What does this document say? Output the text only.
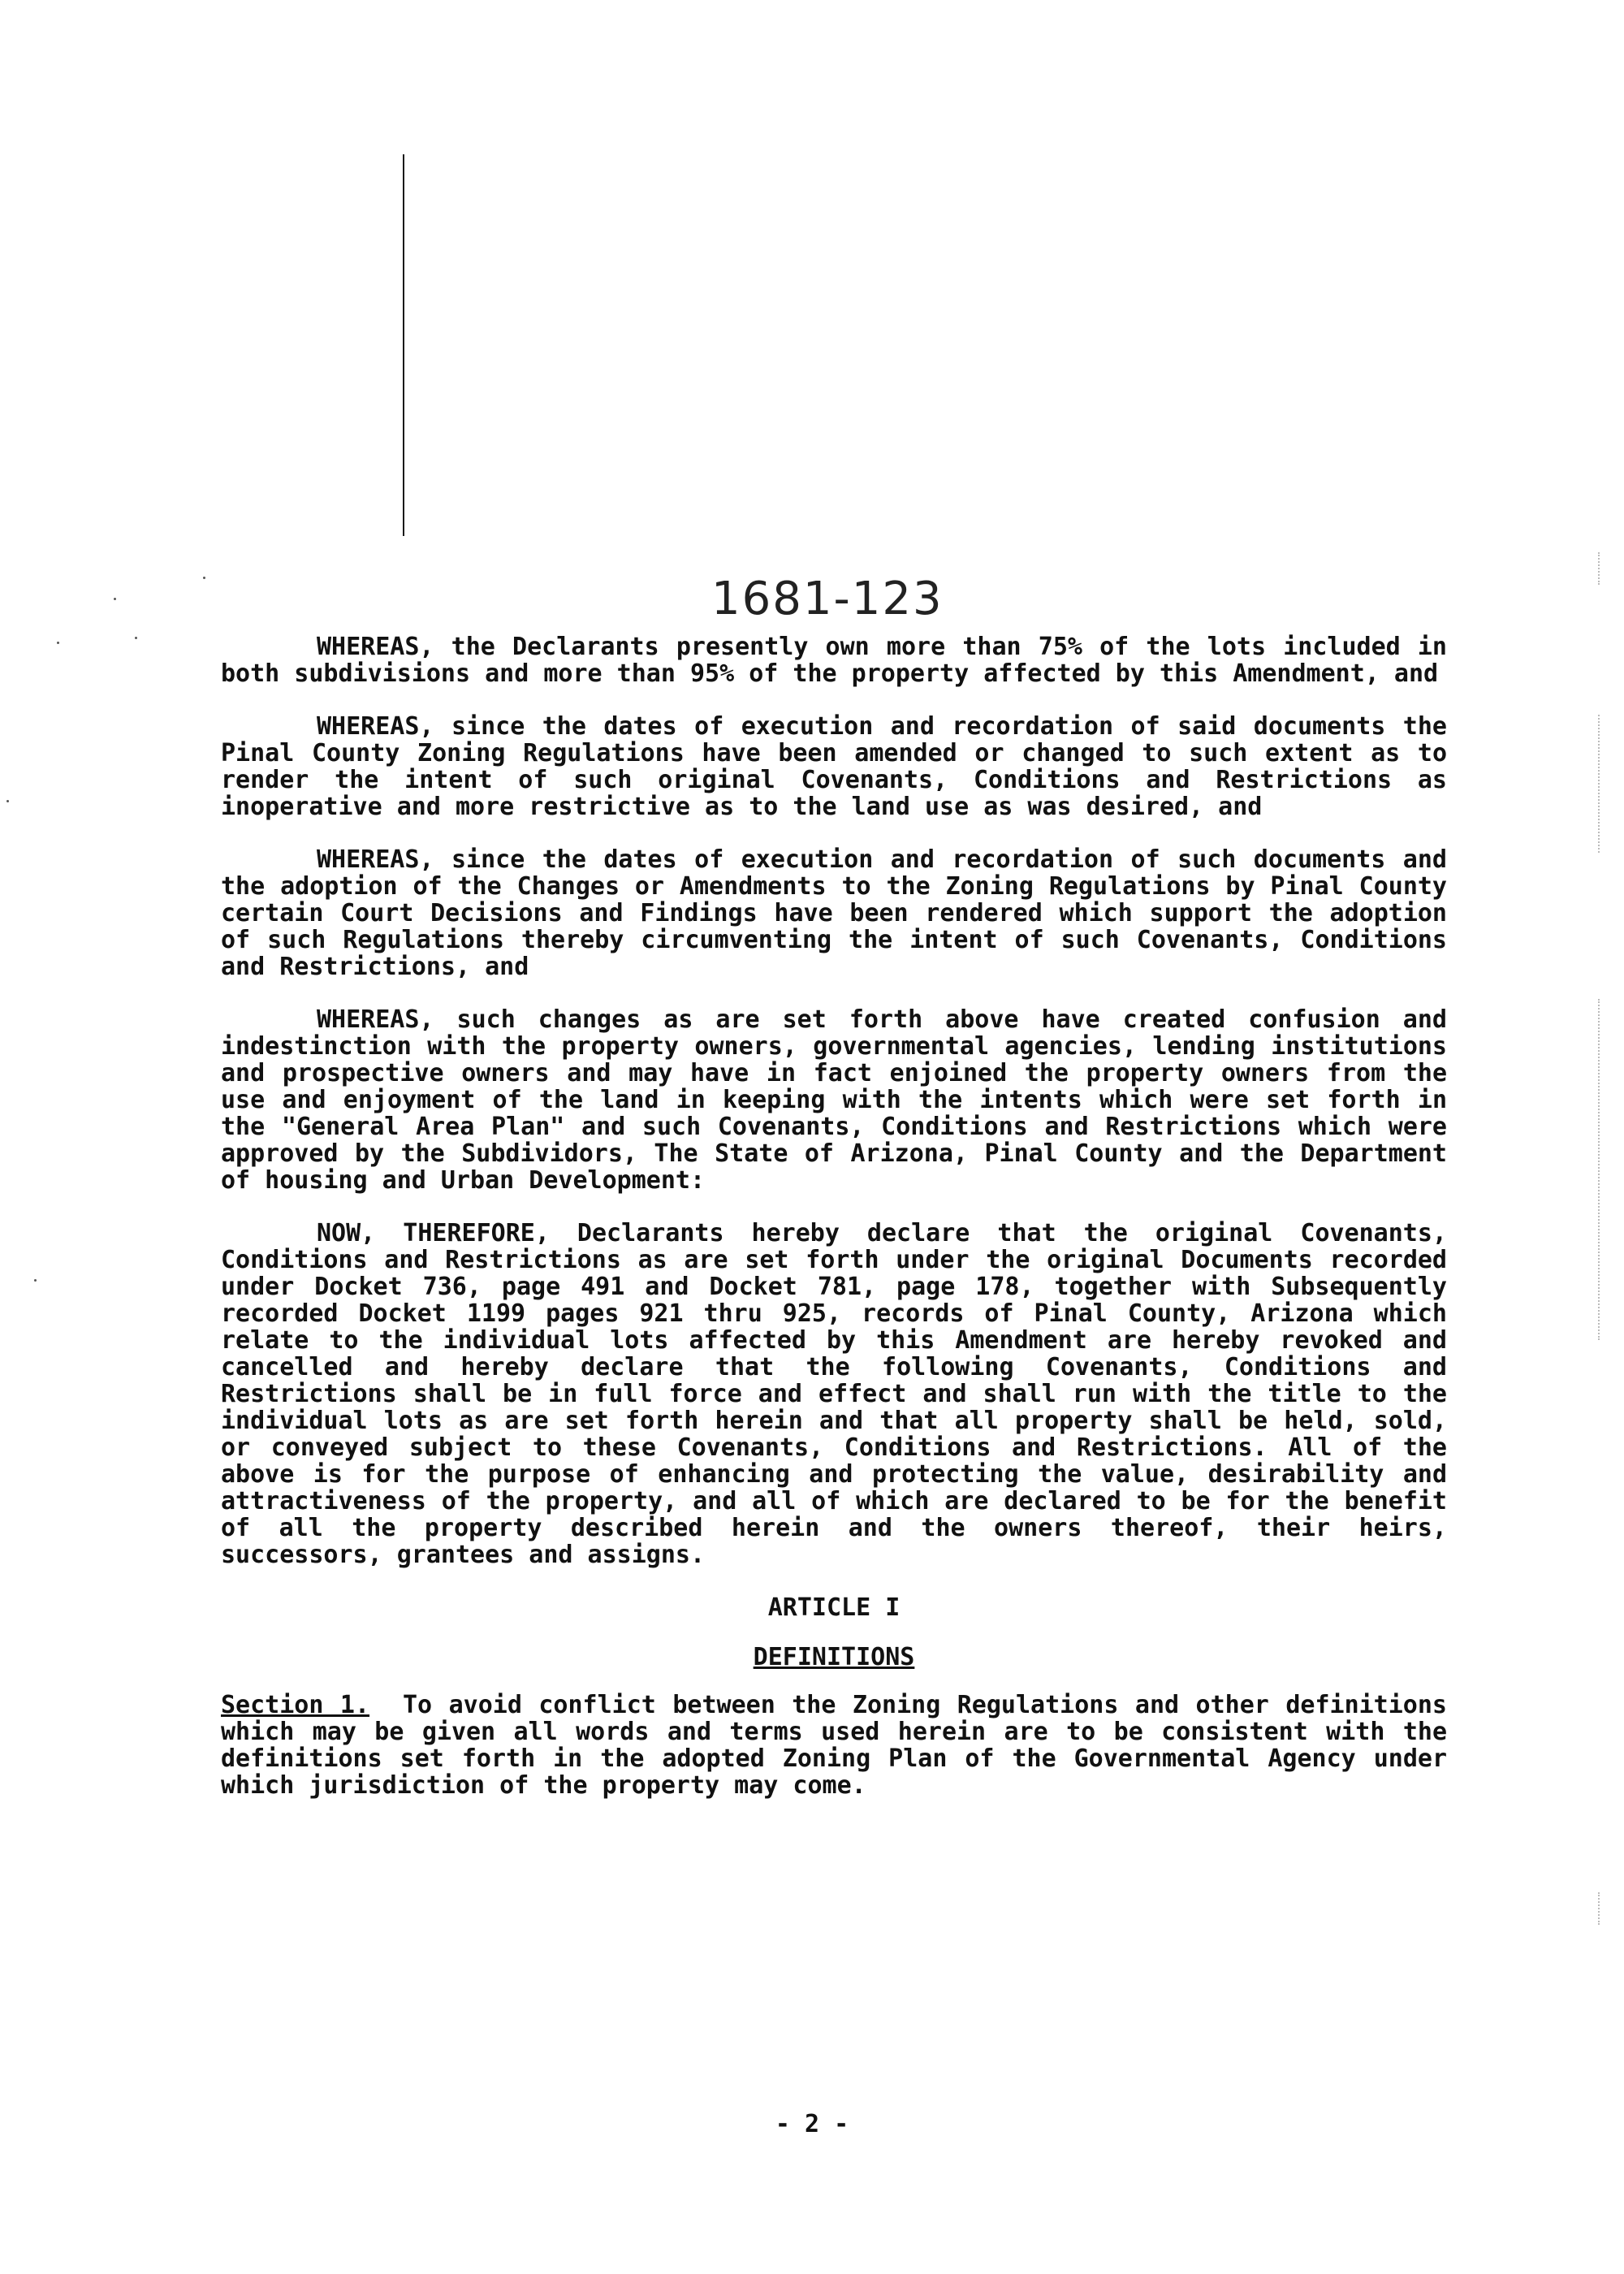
1681-123

WHEREAS, the Declarants presently own more than 75% of the lots included in both subdivisions and more than 95% of the property affected by this Amendment, and

WHEREAS, since the dates of execution and recordation of said documents the Pinal County Zoning Regulations have been amended or changed to such extent as to render the intent of such original Covenants, Conditions and Restrictions as inoperative and more restrictive as to the land use as was desired, and

WHEREAS, since the dates of execution and recordation of such documents and the adoption of the Changes or Amendments to the Zoning Regulations by Pinal County certain Court Decisions and Findings have been rendered which support the adoption of such Regulations thereby circumventing the intent of such Covenants, Conditions and Restrictions, and

WHEREAS, such changes as are set forth above have created confusion and indestinction with the property owners, governmental agencies, lending institutions and prospective owners and may have in fact enjoined the property owners from the use and enjoyment of the land in keeping with the intents which were set forth in the "General Area Plan" and such Covenants, Conditions and Restrictions which were approved by the Subdividors, The State of Arizona, Pinal County and the Department of housing and Urban Development:

NOW, THEREFORE, Declarants hereby declare that the original Covenants, Conditions and Restrictions as are set forth under the original Documents recorded under Docket 736, page 491 and Docket 781, page 178, together with Subsequently recorded Docket 1199 pages 921 thru 925, records of Pinal County, Arizona which relate to the individual lots affected by this Amendment are hereby revoked and cancelled and hereby declare that the following Covenants, Conditions and Restrictions shall be in full force and effect and shall run with the title to the individual lots as are set forth herein and that all property shall be held, sold, or conveyed subject to these Covenants, Conditions and Restrictions. All of the above is for the purpose of enhancing and protecting the value, desirability and attractiveness of the property, and all of which are declared to be for the benefit of all the property described herein and the owners thereof, their heirs, successors, grantees and assigns.

ARTICLE I

DEFINITIONS

Section 1. To avoid conflict between the Zoning Regulations and other definitions which may be given all words and terms used herein are to be consistent with the definitions set forth in the adopted Zoning Plan of the Governmental Agency under which jurisdiction of the property may come.

- 2 -
